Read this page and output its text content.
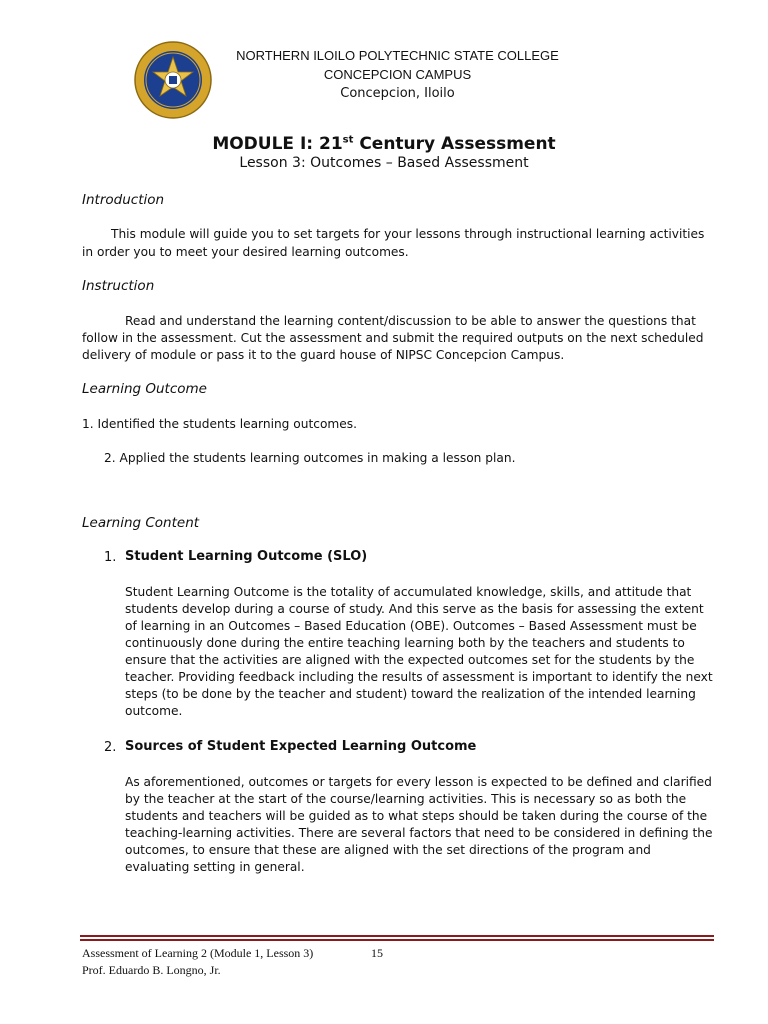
NORTHERN ILOILO POLYTECHNIC STATE COLLEGE
CONCEPCION CAMPUS
Concepcion, Iloilo
MODULE I: 21st Century Assessment
Lesson 3: Outcomes – Based Assessment
Introduction
This module will guide you to set targets for your lessons through instructional learning activities
in order you to meet your desired learning outcomes.
Instruction
Read and understand the learning content/discussion to be able to answer the questions that
follow in the assessment. Cut the assessment and submit the required outputs on the next scheduled
delivery of module or pass it to the guard house of NIPSC Concepcion Campus.
Learning Outcome
1. Identified the students learning outcomes.
2. Applied the students learning outcomes in making a lesson plan.
Learning Content
1. Student Learning Outcome (SLO)
Student Learning Outcome is the totality of accumulated knowledge, skills, and attitude that
students develop during a course of study. And this serve as the basis for assessing the extent
of learning in an Outcomes – Based Education (OBE). Outcomes – Based Assessment must be
continuously done during the entire teaching learning both by the teachers and students to
ensure that the activities are aligned with the expected outcomes set for the students by the
teacher. Providing feedback including the results of assessment is important to identify the next
steps (to be done by the teacher and student) toward the realization of the intended learning
outcome.
2. Sources of Student Expected Learning Outcome
As aforementioned, outcomes or targets for every lesson is expected to be defined and clarified
by the teacher at the start of the course/learning activities. This is necessary so as both the
students and teachers will be guided as to what steps should be taken during the course of the
teaching-learning activities. There are several factors that need to be considered in defining the
outcomes, to ensure that these are aligned with the set directions of the program and
evaluating setting in general.
Assessment of Learning 2 (Module 1, Lesson 3)	15
Prof. Eduardo B. Longno, Jr.
